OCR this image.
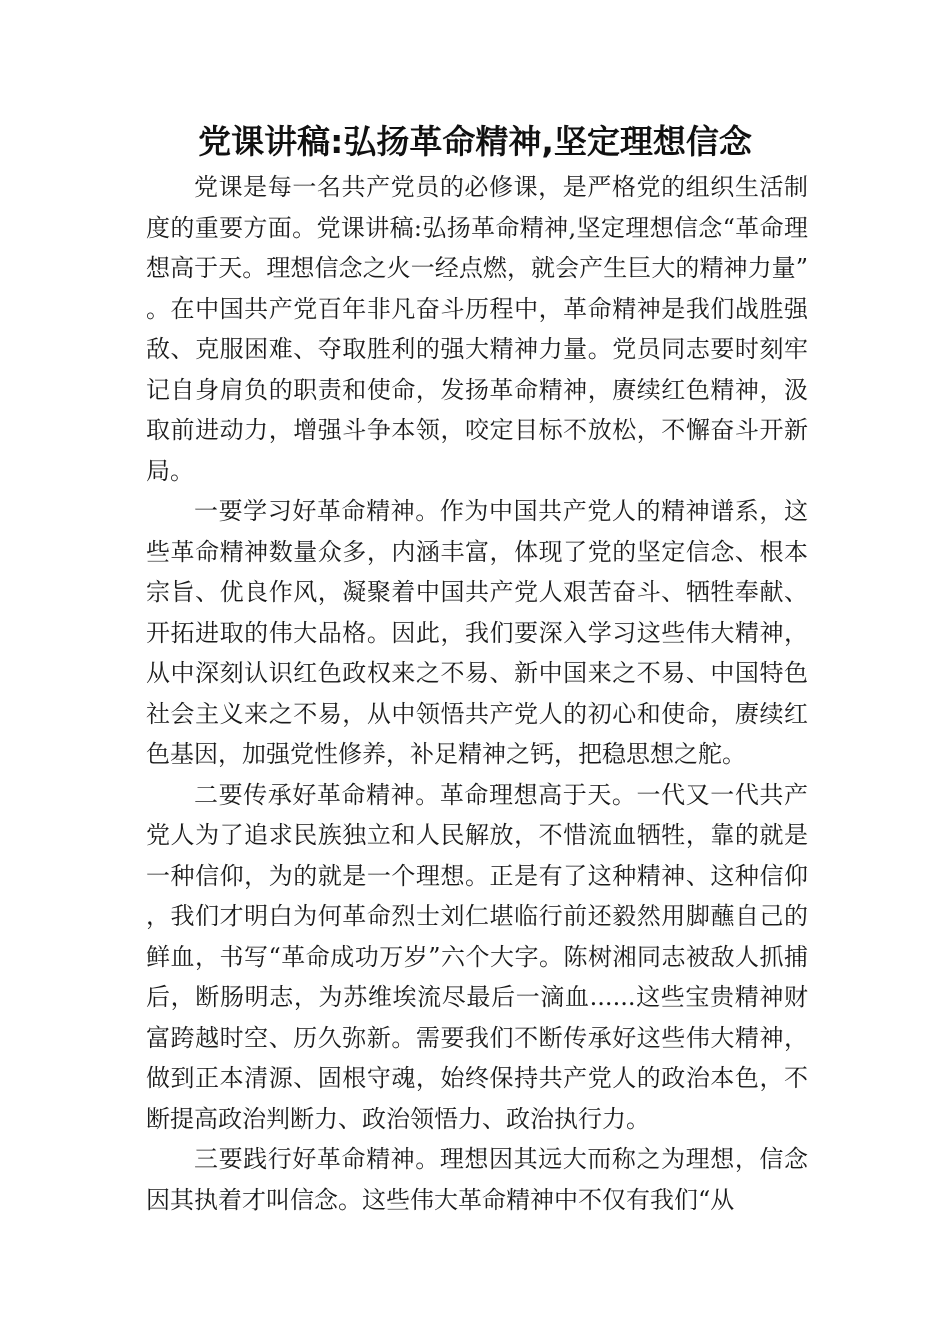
党课讲稿:弘扬革命精神,坚定理想信念

党课是每一名共产党员的必修课，是严格党的组织生活制度的重要方面。党课讲稿:弘扬革命精神,坚定理想信念“革命理想高于天。理想信念之火一经点燃，就会产生巨大的精神力量”。在中国共产党百年非凡奋斗历程中，革命精神是我们战胜强敌、克服困难、夺取胜利的强大精神力量。党员同志要时刻牢记自身肩负的职责和使命，发扬革命精神，赓续红色精神，汲取前进动力，增强斗争本领，咬定目标不放松，不懈奋斗开新局。

一要学习好革命精神。作为中国共产党人的精神谱系，这些革命精神数量众多，内涵丰富，体现了党的坚定信念、根本宗旨、优良作风，凝聚着中国共产党人艰苦奋斗、牺牲奉献、开拓进取的伟大品格。因此，我们要深入学习这些伟大精神，从中深刻认识红色政权来之不易、新中国来之不易、中国特色社会主义来之不易，从中领悟共产党人的初心和使命，赓续红色基因，加强党性修养，补足精神之钙，把稳思想之舵。

二要传承好革命精神。革命理想高于天。一代又一代共产党人为了追求民族独立和人民解放，不惜流血牺牲，靠的就是一种信仰，为的就是一个理想。正是有了这种精神、这种信仰，我们才明白为何革命烈士刘仁堪临行前还毅然用脚蘸自己的鲜血，书写“革命成功万岁”六个大字。陈树湘同志被敌人抓捕后，断肠明志，为苏维埃流尽最后一滴血......这些宝贵精神财富跨越时空、历久弥新。需要我们不断传承好这些伟大精神，做到正本清源、固根守魂，始终保持共产党人的政治本色，不断提高政治判断力、政治领悟力、政治执行力。

三要践行好革命精神。理想因其远大而称之为理想，信念因其执着才叫信念。这些伟大革命精神中不仅有我们“从
